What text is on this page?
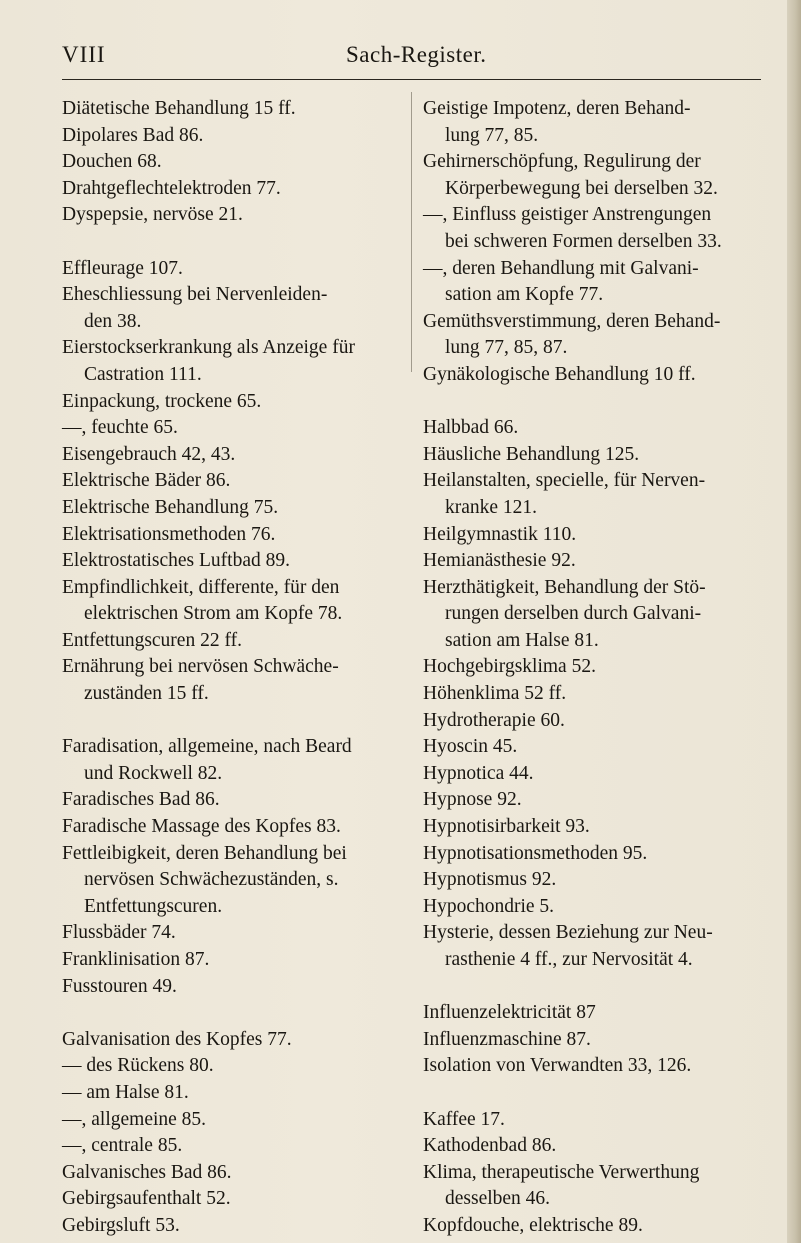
VIII	Sach-Register.
Diätetische Behandlung 15 ff.
Dipolares Bad 86.
Douchen 68.
Drahtgeflechtelektroden 77.
Dyspepsie, nervöse 21.
Effleurage 107.
Eheschliessung bei Nervenleiden-

den 38.
Eierstockserkrankung als Anzeige für

Castration 111.
Einpackung, trockene 65.
—, feuchte 65.
Eisengebrauch 42, 43.
Elektrische Bäder 86.
Elektrische Behandlung 75.
Elektrisationsmethoden 76.
Elektrostatisches Luftbad 89.
Empfindlichkeit, differente, für den

elektrischen Strom am Kopfe 78.
Entfettungscuren 22 ff.
Ernährung bei nervösen Schwäche-

zuständen 15 ff.
Faradisation, allgemeine, nach Beard

und Rockwell 82.
Faradisches Bad 86.
Faradische Massage des Kopfes 83.
Fettleibigkeit, deren Behandlung bei

nervösen Schwächezuständen, s.
Entfettungscuren.
Flussbäder 74.
Franklinisation 87.
Fusstouren 49.
Galvanisation des Kopfes 77.
— des Rückens 80.
— am Halse 81.
—, allgemeine 85.
—, centrale 85.
Galvanisches Bad 86.
Gebirgsaufenthalt 52.
Gebirgsluft 53.
Geistige Impotenz, deren Behand-

lung 77, 85.
Gehirnerschöpfung, Regulirung der

Körperbewegung bei derselben 32.
—, Einfluss geistiger Anstrengungen

bei schweren Formen derselben 33.
—, deren Behandlung mit Galvani-

sation am Kopfe 77.
Gemüthsverstimmung, deren Behand-

lung 77, 85, 87.
Gynäkologische Behandlung 10 ff.
Halbbad 66.
Häusliche Behandlung 125.
Heilanstalten, specielle, für Nerven-

kranke 121.
Heilgymnastik 110.
Hemianästhesie 92.
Herzthätigkeit, Behandlung der Stö-

rungen derselben durch Galvani-
sation am Halse 81.
Hochgebirgsklima 52.
Höhenklima 52 ff.
Hydrotherapie 60.
Hyoscin 45.
Hypnotica 44.
Hypnose 92.
Hypnotisirbarkeit 93.
Hypnotisationsmethoden 95.
Hypnotismus 92.
Hypochondrie 5.
Hysterie, dessen Beziehung zur Neu-

rasthenie 4 ff., zur Nervosität 4.
Influenzelektricität 87
Influenzmaschine 87.
Isolation von Verwandten 33, 126.
Kaffee 17.
Kathodenbad 86.
Klima, therapeutische Verwerthung

desselben 46.
Kopfdouche, elektrische 89.
